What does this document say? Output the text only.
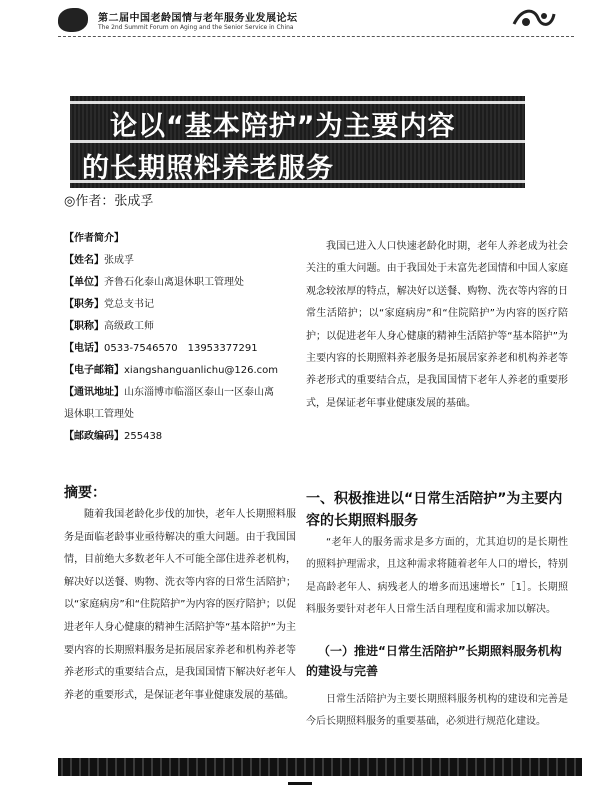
第二届中国老龄国情与老年服务业发展论坛
The 2nd Summit Forum on Aging and the Senior Service in China
论以“基本陪护”为主要内容
的长期照料养老服务
◎作者：张成孚
【作者简介】
【姓名】张成孚
【单位】齐鲁石化泰山离退休职工管理处
【职务】党总支书记
【职称】高级政工师
【电话】0533-7546570　13953377291
【电子邮箱】xiangshanguanlichu@126.com
【通讯地址】山东淄博市临淄区泰山一区泰山离
退休职工管理处
【邮政编码】255438
我国已进入人口快速老龄化时期，老年人养老成为社会关注的重大问题。由于我国处于未富先老国情和中国人家庭观念较浓厚的特点，解决好以送餐、购物、洗衣等内容的日常生活陪护；以“家庭病房”和“住院陪护”为内容的医疗陪护；以促进老年人身心健康的精神生活陪护等“基本陪护”为主要内容的长期照料养老服务是拓展居家养老和机构养老等养老形式的重要结合点，是我国国情下老年人养老的重要形式，是保证老年事业健康发展的基础。
摘要：
随着我国老龄化步伐的加快，老年人长期照料服务是面临老龄事业亟待解决的重大问题。由于我国国情，目前绝大多数老年人不可能全部住进养老机构，解决好以送餐、购物、洗衣等内容的日常生活陪护；以“家庭病房”和“住院陪护”为内容的医疗陪护；以促进老年人身心健康的精神生活陪护等“基本陪护”为主要内容的长期照料服务是拓展居家养老和机构养老等养老形式的重要结合点，是我国国情下解决好老年人养老的重要形式，是保证老年事业健康发展的基础。
一、积极推进以“日常生活陪护”为主要内容的长期照料服务
“老年人的服务需求是多方面的，尤其迫切的是长期性的照料护理需求，且这种需求将随着老年人口的增长，特别是高龄老年人、病残老人的增多而迅速增长”［1］。长期照料服务要针对老年人日常生活自理程度和需求加以解决。
（一）推进“日常生活陪护”长期照料服务机构的建设与完善
日常生活陪护为主要长期照料服务机构的建设和完善是今后长期照料服务的重要基础，必须进行规范化建设。
